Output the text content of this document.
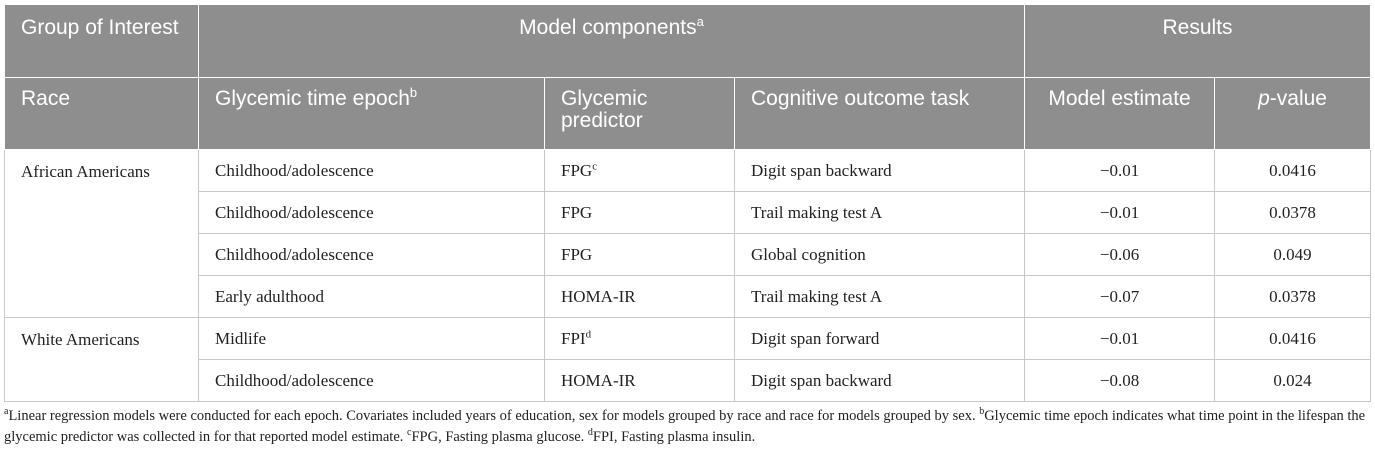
Group of Interest	Model components$^a$			Results	
Race	Glycemic time epoch$^b$	Glycemic predictor	Cognitive outcome task	Model estimate	p-value
African Americans	Childhood/adolescence	FPG$^c$	Digit span backward	−0.01	0.0416
	Childhood/adolescence	FPG	Trail making test A	−0.01	0.0378
	Childhood/adolescence	FPG	Global cognition	−0.06	0.049
	Early adulthood	HOMA-IR	Trail making test A	−0.07	0.0378
White Americans	Midlife	FPI$^d$	Digit span forward	−0.01	0.0416
	Childhood/adolescence	HOMA-IR	Digit span backward	−0.08	0.024
$^a$Linear regression models were conducted for each epoch. Covariates included years of education, sex for models grouped by race and race for models grouped by sex. $^b$Glycemic time epoch indicates what time point in the lifespan the glycemic predictor was collected in for that reported model estimate. $^c$FPG, Fasting plasma glucose. $^d$FPI, Fasting plasma insulin.
